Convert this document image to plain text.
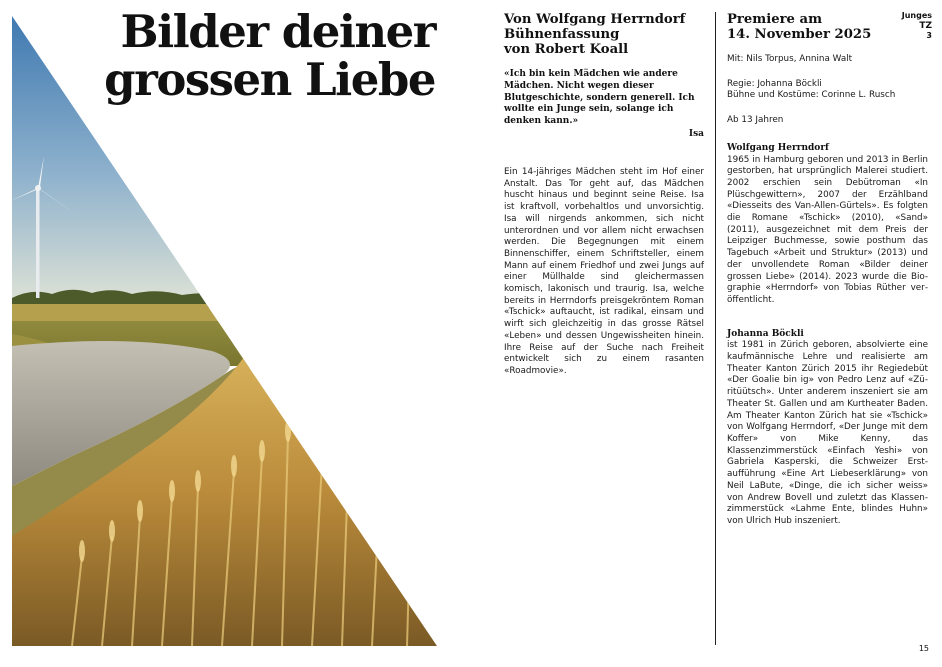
Bilder deiner
grossen Liebe

Von Wolfgang Herrndorf
Bühnenfassung
von Robert Koall

«Ich bin kein Mädchen wie andere Mädchen. Nicht wegen dieser Blutgeschichte, sondern generell. Ich wollte ein Junge sein, solange ich denken kann.»

Isa

Ein 14-jähriges Mädchen steht im Hof einer Anstalt. Das Tor geht auf, das Mädchen huscht hinaus und beginnt seine Reise. Isa ist kraftvoll, vorbehaltlos und unvorsichtig. Isa will nirgends ankommen, sich nicht unterordnen und vor allem nicht erwachsen werden. Die Begegnungen mit einem Binnenschiffer, einem Schriftsteller, einem Mann auf einem Friedhof und zwei Jungs auf einer Müllhalde sind gleichermassen komisch, lakonisch und traurig. Isa, welche bereits in Herrndorfs preisgekröntem Roman «Tschick» auftaucht, ist radikal, einsam und wirft sich gleichzeitig in das grosse Rätsel «Leben» und dessen Ungewissheiten hinein. Ihre Reise auf der Suche nach Freiheit entwickelt sich zu einem rasanten «Roadmovie».

Premiere am
14. November 2025

Mit: Nils Torpus, Annina Walt

Regie: Johanna Böckli

Bühne und Kostüme: Corinne L. Rusch

Ab 13 Jahren

Wolfgang Herrndorf

1965 in Hamburg geboren und 2013 in Berlin gestorben, hat ursprünglich Malerei studiert. 2002 erschien sein Debütroman «In Plüschgewittern», 2007 der Erzählband «Diesseits des Van-Allen-Gürtels». Es folgten die Romane «Tschick» (2010), «Sand» (2011), ausgezeichnet mit dem Preis der Leipziger Buchmesse, sowie posthum das Tagebuch «Arbeit und Struktur» (2013) und der unvollendete Roman «Bilder deiner grossen Liebe» (2014). 2023 wurde die Biographie «Herrndorf» von Tobias Rüther veröffentlicht.

Johanna Böckli

ist 1981 in Zürich geboren, absolvierte eine kaufmännische Lehre und realisierte am Theater Kanton Zürich 2015 ihr Regiedebüt «Der Goalie bin ig» von Pedro Lenz auf «Züritüütsch». Unter anderem inszeniert sie am Theater St. Gallen und am Kurtheater Baden. Am Theater Kanton Zürich hat sie «Tschick» von Wolfgang Herrndorf, «Der Junge mit dem Koffer» von Mike Kenny, das Klassenzimmerstück «Einfach Yeshi» von Gabriela Kasperski, die Schweizer Erstaufführung «Eine Art Liebeserklärung» von Neil LaBute, «Dinge, die ich sicher weiss» von Andrew Bovell und zuletzt das Klassenzimmerstück «Lahme Ente, blindes Huhn» von Ulrich Hub inszeniert.

Junges
TZ
3
15
